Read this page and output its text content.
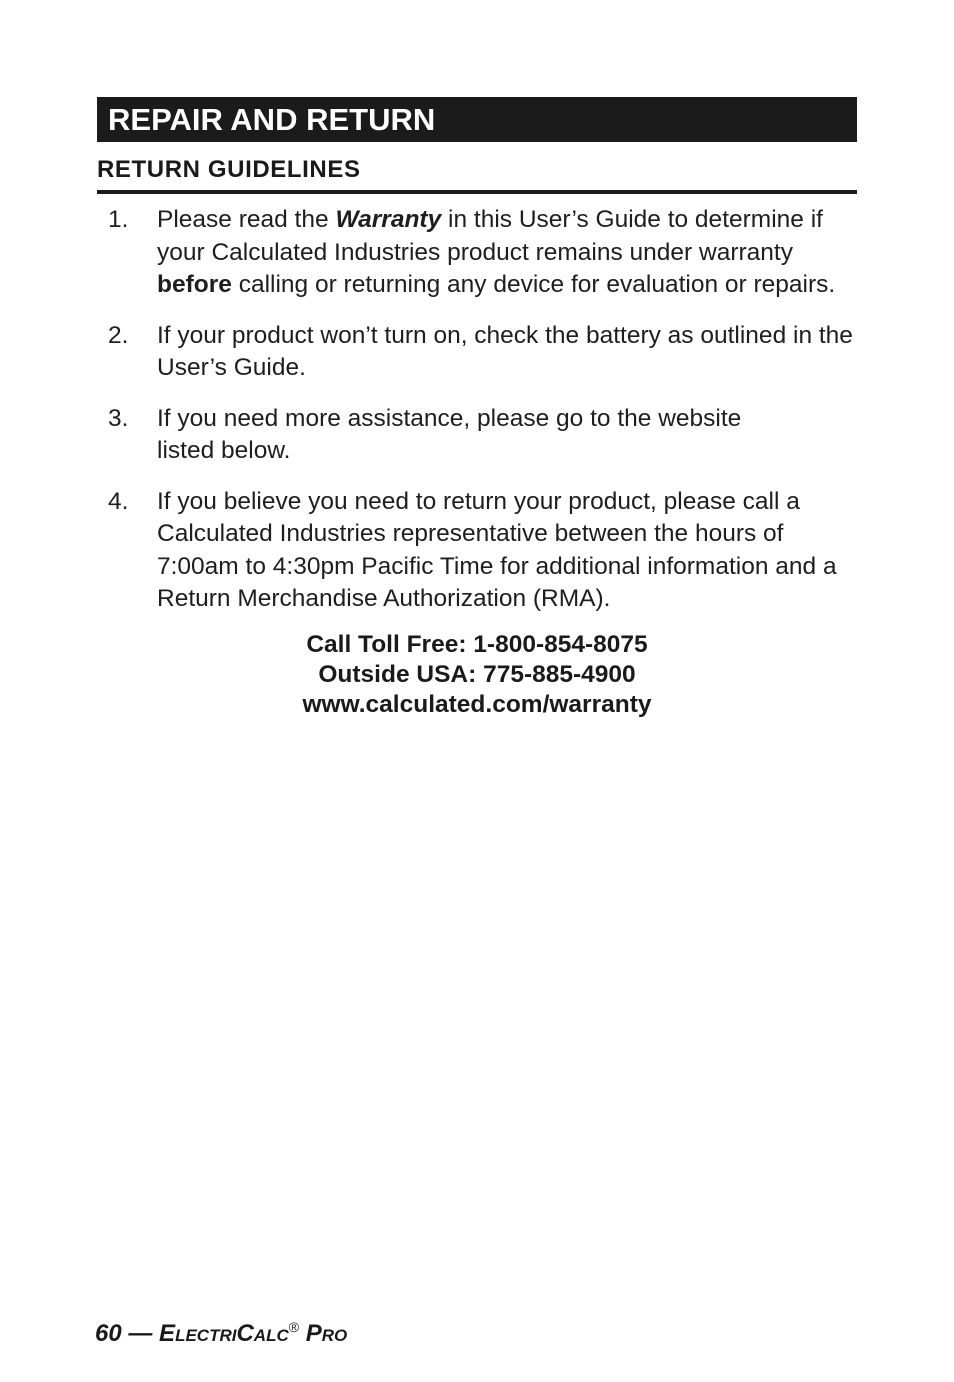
REPAIR AND RETURN
RETURN GUIDELINES
1. Please read the Warranty in this User’s Guide to determine if your Calculated Industries product remains under warranty before calling or returning any device for evaluation or repairs.
2. If your product won’t turn on, check the battery as outlined in the User’s Guide.
3. If you need more assistance, please go to the website
listed below.
4. If you believe you need to return your product, please call a Calculated Industries representative between the hours of 7:00am to 4:30pm Pacific Time for additional information and a Return Merchandise Authorization (RMA).
Call Toll Free: 1-800-854-8075
Outside USA: 775-885-4900
www.calculated.com/warranty
60 — ELECTRICALC® PRO
